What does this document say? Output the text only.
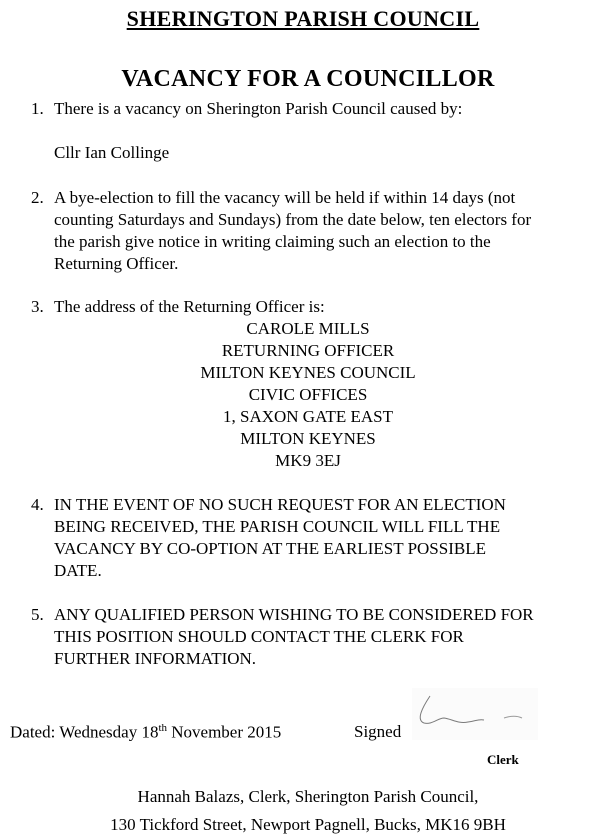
SHERINGTON PARISH COUNCIL
VACANCY FOR A COUNCILLOR
1. There is a vacancy on Sherington Parish Council caused by:
Cllr Ian Collinge
2. A bye-election to fill the vacancy will be held if within 14 days (not
counting Saturdays and Sundays) from the date below, ten electors for
the parish give notice in writing claiming such an election to the
Returning Officer.
3. The address of the Returning Officer is:
CAROLE MILLS
RETURNING OFFICER
MILTON KEYNES COUNCIL
CIVIC OFFICES
1, SAXON GATE EAST
MILTON KEYNES
MK9 3EJ
4. IN THE EVENT OF NO SUCH REQUEST FOR AN ELECTION
BEING RECEIVED, THE PARISH COUNCIL WILL FILL THE
VACANCY BY CO-OPTION AT THE EARLIEST POSSIBLE
DATE.
5. ANY QUALIFIED PERSON WISHING TO BE CONSIDERED FOR
THIS POSITION SHOULD CONTACT THE CLERK FOR
FURTHER INFORMATION.
Dated: Wednesday 18th November 2015	Signed
Clerk
Hannah Balazs, Clerk, Sherington Parish Council,
130 Tickford Street, Newport Pagnell, Bucks, MK16 9BH
